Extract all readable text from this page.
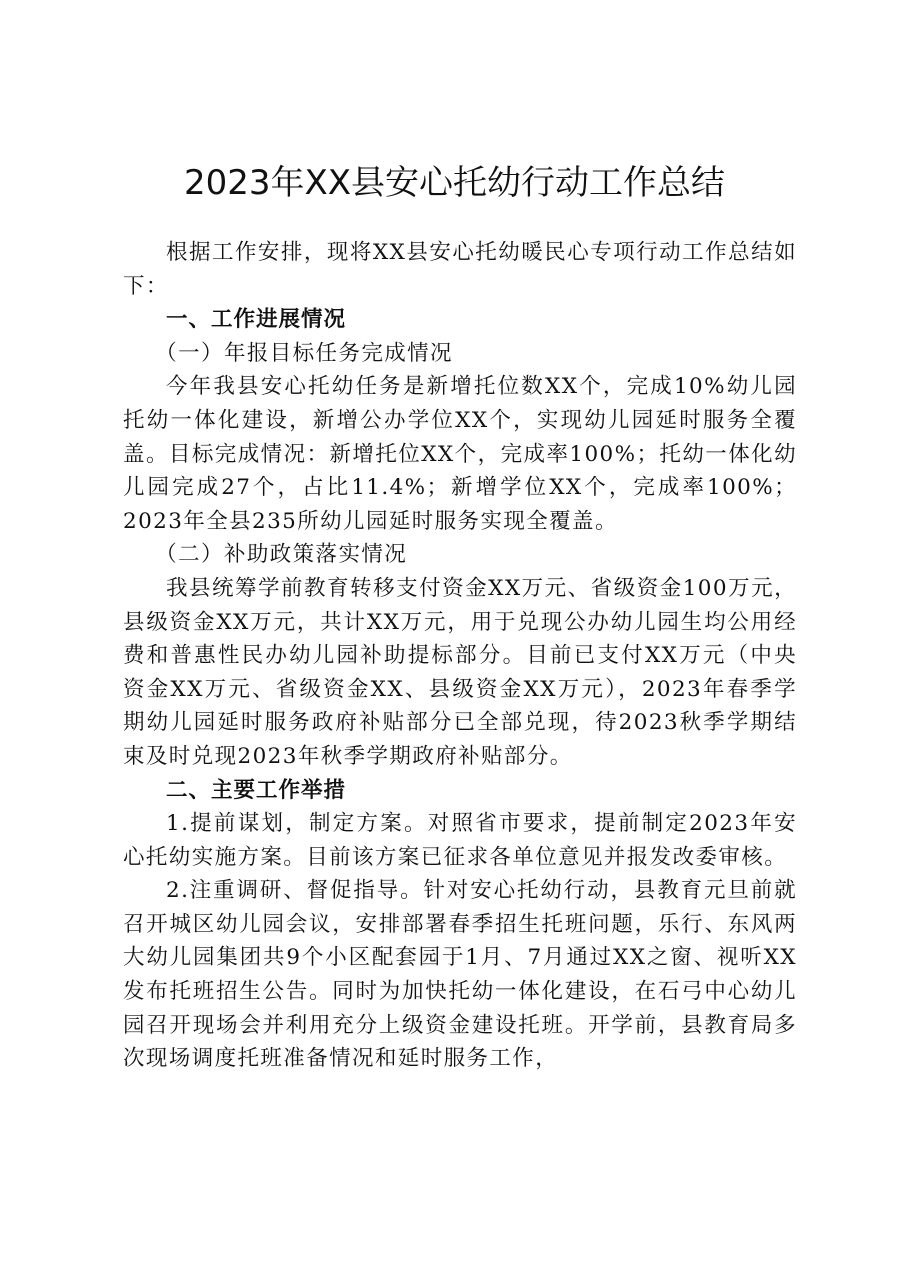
2023年XX县安心托幼行动工作总结

根据工作安排，现将XX县安心托幼暖民心专项行动工作总结如下：

一、工作进展情况

（一）年报目标任务完成情况

今年我县安心托幼任务是新增托位数XX个，完成10%幼儿园托幼一体化建设，新增公办学位XX个，实现幼儿园延时服务全覆盖。目标完成情况：新增托位XX个，完成率100%；托幼一体化幼儿园完成27个，占比11.4%；新增学位XX个，完成率100%；2023年全县235所幼儿园延时服务实现全覆盖。

（二）补助政策落实情况

我县统筹学前教育转移支付资金XX万元、省级资金100万元，县级资金XX万元，共计XX万元，用于兑现公办幼儿园生均公用经费和普惠性民办幼儿园补助提标部分。目前已支付XX万元（中央资金XX万元、省级资金XX、县级资金XX万元），2023年春季学期幼儿园延时服务政府补贴部分已全部兑现，待2023秋季学期结束及时兑现2023年秋季学期政府补贴部分。

二、主要工作举措

1.提前谋划，制定方案。对照省市要求，提前制定2023年安心托幼实施方案。目前该方案已征求各单位意见并报发改委审核。

2.注重调研、督促指导。针对安心托幼行动，县教育元旦前就召开城区幼儿园会议，安排部署春季招生托班问题，乐行、东风两大幼儿园集团共9个小区配套园于1月、7月通过XX之窗、视听XX发布托班招生公告。同时为加快托幼一体化建设，在石弓中心幼儿园召开现场会并利用充分上级资金建设托班。开学前，县教育局多次现场调度托班准备情况和延时服务工作，
